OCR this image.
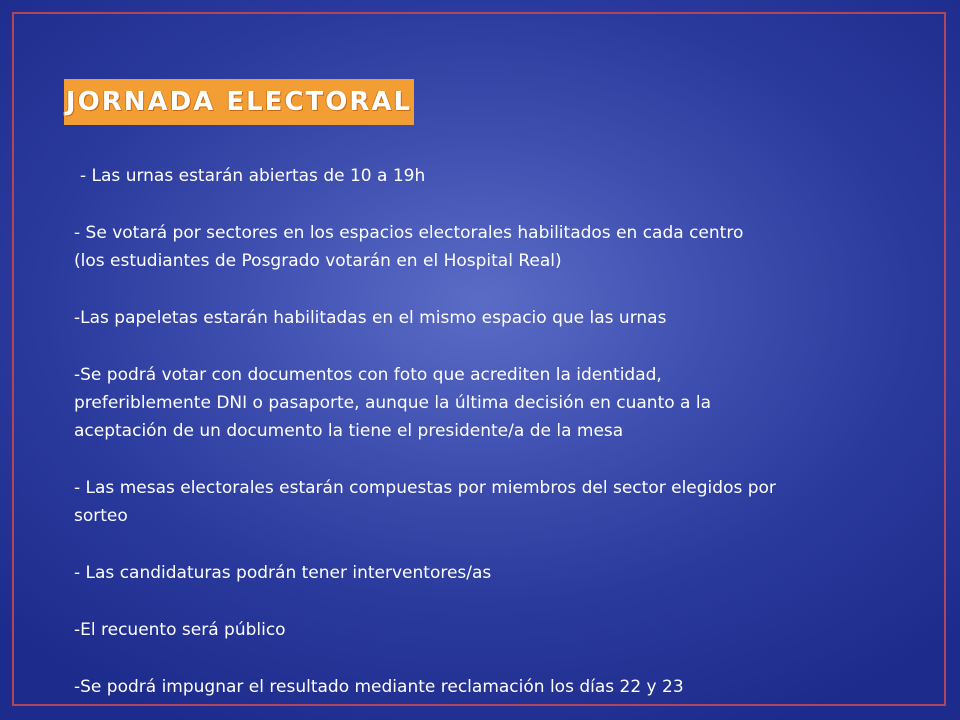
JORNADA ELECTORAL
- Las urnas estarán abiertas de 10 a 19h
- Se votará por sectores en los espacios electorales habilitados en cada centro
(los estudiantes de Posgrado votarán en el Hospital Real)
-Las papeletas estarán habilitadas en el mismo espacio que las urnas
-Se podrá votar con documentos con foto que acrediten la identidad,
preferiblemente DNI o pasaporte, aunque la última decisión en cuanto a la
aceptación de un documento la tiene el presidente/a de la mesa
- Las mesas electorales estarán compuestas por miembros del sector elegidos por
sorteo
- Las candidaturas podrán tener interventores/as
-El recuento será público
-Se podrá impugnar el resultado mediante reclamación los días 22 y 23
